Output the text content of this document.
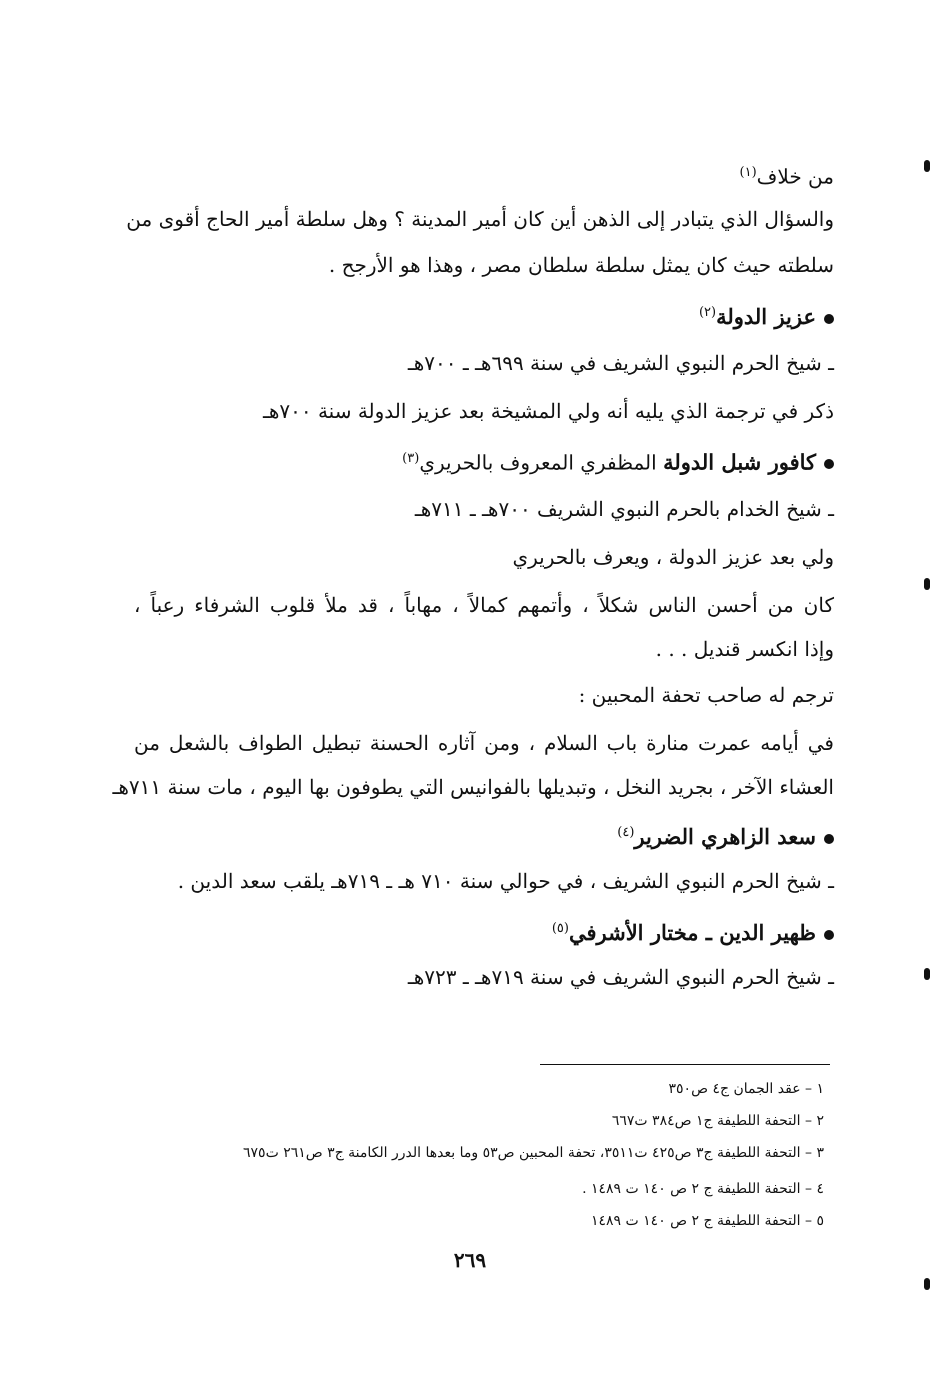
من خلاف$^{(١)}$
والسؤال الذي يتبادر إلى الذهن أين كان أمير المدينة ؟ وهل سلطة أمير الحاج أقوى من
سلطته حيث كان يمثل سلطة سلطان مصر ، وهذا هو الأرجح .
عزيز الدولة$^{(٢)}$
ـ شيخ الحرم النبوي الشريف في سنة ٦٩٩هـ ـ ٧٠٠هـ
ذكر في ترجمة الذي يليه أنه ولي المشيخة بعد عزيز الدولة سنة ٧٠٠هـ
كافور شبل الدولة المظفري المعروف بالحريري$^{(٣)}$
ـ شيخ الخدام بالحرم النبوي الشريف ٧٠٠هـ ـ ٧١١هـ
ولي بعد عزيز الدولة ، ويعرف بالحريري
كان من أحسن الناس شكلاً ، وأتمهم كمالاً ، مهاباً ، قد ملأ قلوب الشرفاء رعباً ،
وإذا انكسر قنديل . . .
ترجم له صاحب تحفة المحبين :
في أيامه عمرت منارة باب السلام ، ومن آثاره الحسنة تبطيل الطواف بالشعل من
العشاء الآخر ، بجريد النخل ، وتبديلها بالفوانيس التي يطوفون بها اليوم ، مات سنة ٧١١هـ
سعد الزاهري الضرير$^{(٤)}$
ـ شيخ الحرم النبوي الشريف ، في حوالي سنة ٧١٠ هـ ـ ٧١٩هـ يلقب سعد الدين .
ظهير الدين ـ مختار الأشرفي$^{(٥)}$
ـ شيخ الحرم النبوي الشريف في سنة ٧١٩هـ ـ ٧٢٣هـ
١ – عقد الجمان ج٤ ص٣٥٠
٢ – التحفة اللطيفة ج١ ص٣٨٤ ت٦٦٧
٣ – التحفة اللطيفة ج٣ ص٤٢٥ ت٣٥١١، تحفة المحبين ص٥٣ وما بعدها الدرر الكامنة ج٣ ص٢٦١ ت٦٧٥
٤ – التحفة اللطيفة ج ٢ ص ١٤٠ ت ١٤٨٩ .
٥ – التحفة اللطيفة ج ٢ ص ١٤٠ ت ١٤٨٩
٢٦٩
